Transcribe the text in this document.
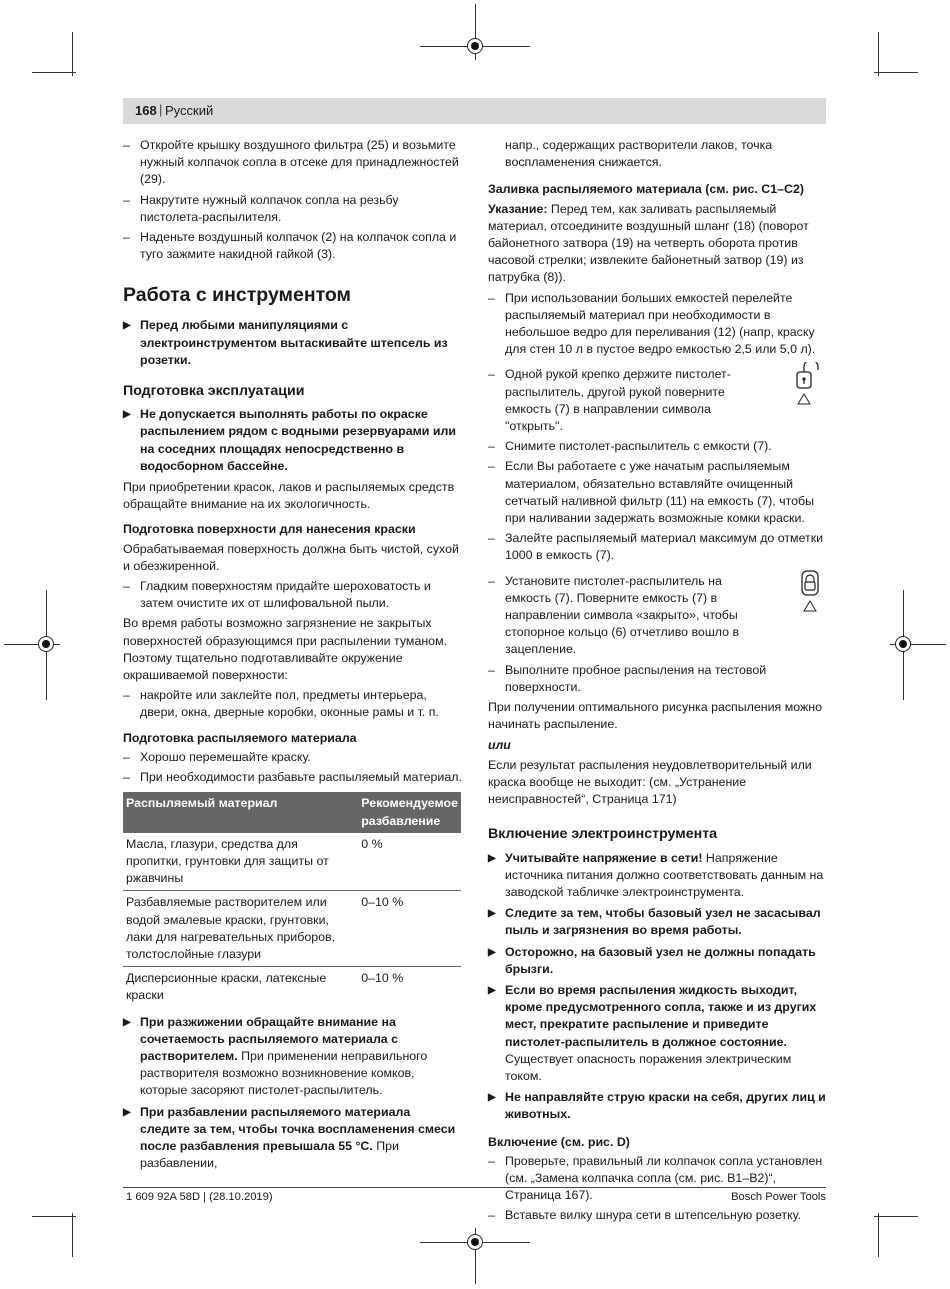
168 | Русский
– Откройте крышку воздушного фильтра (25) и возьмите нужный колпачок сопла в отсеке для принадлежностей (29).
– Накрутите нужный колпачок сопла на резьбу пистолета-распылителя.
– Наденьте воздушный колпачок (2) на колпачок сопла и туго зажмите накидной гайкой (3).
Работа с инструментом
▶ Перед любыми манипуляциями с электроинструментом вытаскивайте штепсель из розетки.
Подготовка эксплуатации
▶ Не допускается выполнять работы по окраске распылением рядом с водными резервуарами или на соседних площадях непосредственно в водосборном бассейне.

При приобретении красок, лаков и распыляемых средств обращайте внимание на их экологичность.

Подготовка поверхности для нанесения краски

Обрабатываемая поверхность должна быть чистой, сухой и обезжиренной.

– Гладким поверхностям придайте шероховатость и затем очистите их от шлифовальной пыли.

Во время работы возможно загрязнение не закрытых поверхностей образующимся при распылении туманом. Поэтому тщательно подготавливайте окружение окрашиваемой поверхности:

– накройте или заклейте пол, предметы интерьера, двери, окна, дверные коробки, оконные рамы и т. п.
Подготовка распыляемого материала
– Хорошо перемешайте краску.
– При необходимости разбавьте распыляемый материал.
Распыляемый материал	Рекомендуемое разбавление
Масла, глазури, средства для пропитки, грунтовки для защиты от ржавчины	0 %
Разбавляемые растворителем или водой эмалевые краски, грунтовки, лаки для нагревательных приборов, толстослойные глазури	0–10 %
Дисперсионные краски, латексные краски	0–10 %
▶ При разжижении обращайте внимание на сочетаемость распыляемого материала с растворителем. При применении неправильного растворителя возможно возникновение комков, которые засоряют пистолет-распылитель.
▶ При разбавлении распыляемого материала следите за тем, чтобы точка воспламенения смеси после разбавления превышала 55 °C. При разбавлении,

напр., содержащих растворители лаков, точка воспламенения снижается.

Заливка распыляемого материала (см. рис. C1–C2)

Указание: Перед тем, как заливать распыляемый материал, отсоедините воздушный шланг (18) (поворот байонетного затвора (19) на четверть оборота против часовой стрелки; извлеките байонетный затвор (19) из патрубка (8)).

– При использовании больших емкостей перелейте распыляемый материал при необходимости в небольшое ведро для переливания (12) (напр, краску для стен 10 л в пустое ведро емкостью 2,5 или 5,0 л).
– Одной рукой крепко держите пистолет-распылитель, другой рукой поверните емкость (7) в направлении символа "открыть".
– Снимите пистолет-распылитель с емкости (7).
– Если Вы работаете с уже начатым распыляемым материалом, обязательно вставляйте очищенный сетчатый наливной фильтр (11) на емкость (7), чтобы при наливании задержать возможные комки краски.
– Залейте распыляемый материал максимум до отметки 1000 в емкость (7).
– Установите пистолет-распылитель на емкость (7). Поверните емкость (7) в направлении символа «закрыто», чтобы стопорное кольцо (6) отчетливо вошло в зацепление.
– Выполните пробное распыления на тестовой поверхности.

При получении оптимального рисунка распыления можно начинать распыление.

или

Если результат распыления неудовлетворительный или краска вообще не выходит: (см. „Устранение неисправностей“, Страница 171)

Включение электроинструмента
▶ Учитывайте напряжение в сети! Напряжение источника питания должно соответствовать данным на заводской табличке электроинструмента.
▶ Следите за тем, чтобы базовый узел не засасывал пыль и загрязнения во время работы.
▶ Осторожно, на базовый узел не должны попадать брызги.
▶ Если во время распыления жидкость выходит, кроме предусмотренного сопла, также и из других мест, прекратите распыление и приведите пистолет-распылитель в должное состояние. Существует опасность поражения электрическим током.
▶ Не направляйте струю краски на себя, других лиц и животных.
Включение (см. рис. D)
– Проверьте, правильный ли колпачок сопла установлен (см. „Замена колпачка сопла (см. рис. B1–B2)“, Страница 167).
– Вставьте вилку шнура сети в штепсельную розетку.
1 609 92A 58D | (28.10.2019)	Bosch Power Tools
